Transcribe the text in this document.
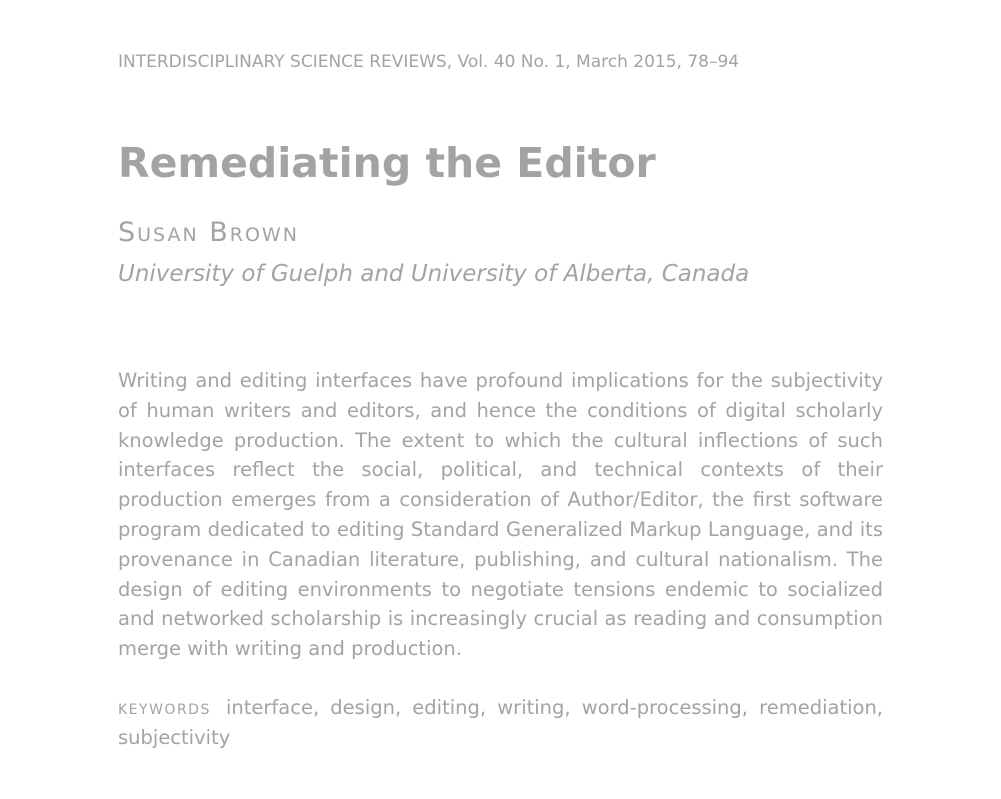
INTERDISCIPLINARY SCIENCE REVIEWS, Vol. 40 No. 1, March 2015, 78–94
Remediating the Editor
Susan Brown
University of Guelph and University of Alberta, Canada

Writing and editing interfaces have profound implications for the subjectivity of human writers and editors, and hence the conditions of digital scholarly knowledge production. The extent to which the cultural inflections of such interfaces reflect the social, political, and technical contexts of their production emerges from a consideration of Author/Editor, the first software program dedicated to editing Standard Generalized Markup Language, and its provenance in Canadian literature, publishing, and cultural nationalism. The design of editing environments to negotiate tensions endemic to socialized and networked scholarship is increasingly crucial as reading and consumption merge with writing and production.

keywords interface, design, editing, writing, word-processing, remediation, subjectivity
